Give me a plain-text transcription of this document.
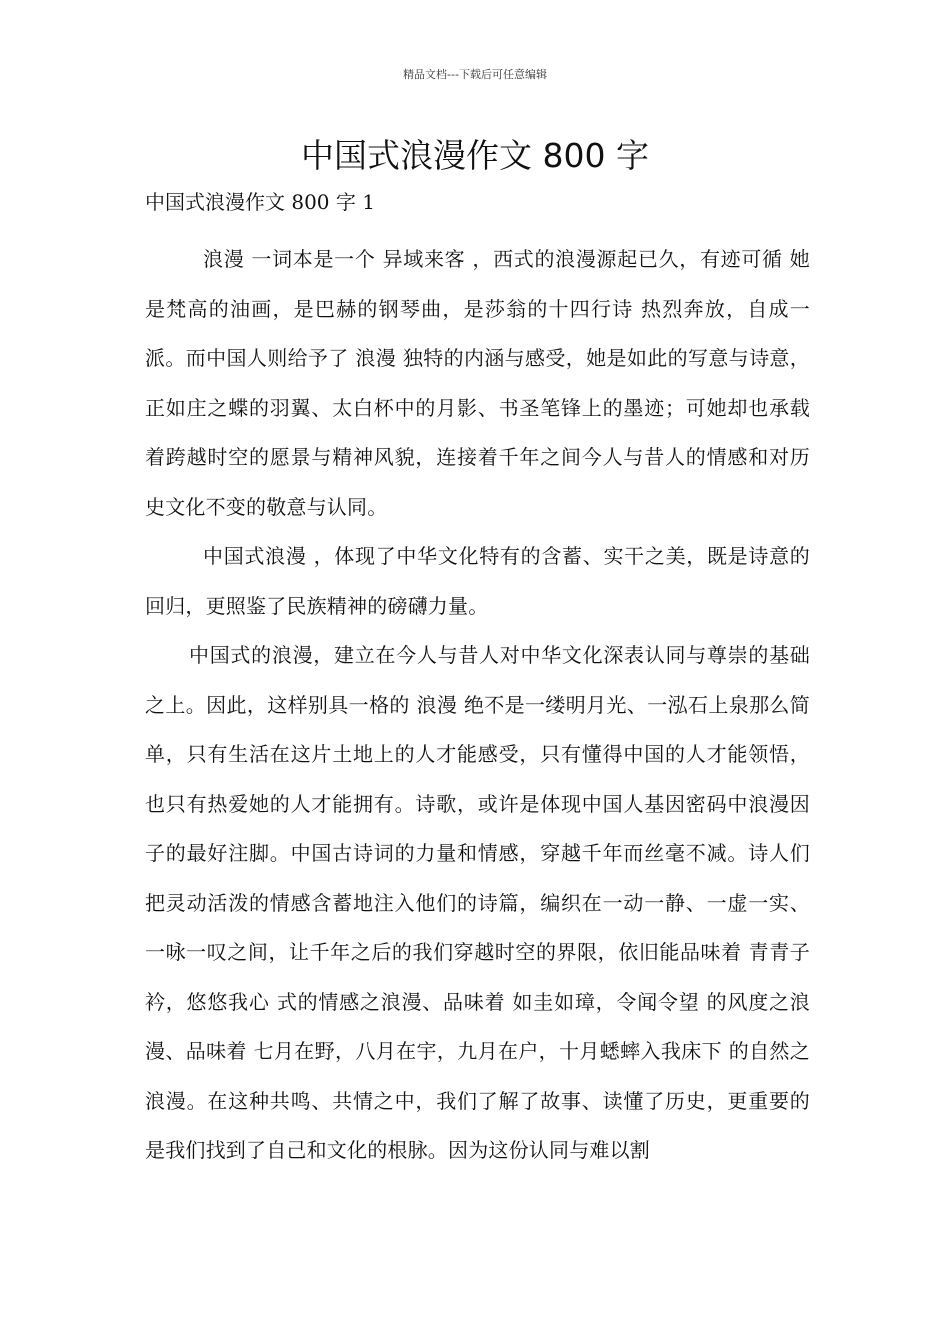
精品文档---下载后可任意编辑
中国式浪漫作文 800 字
中国式浪漫作文 800 字 1

浪漫 一词本是一个 异域来客 ，西式的浪漫源起已久，有迹可循 她是梵高的油画，是巴赫的钢琴曲，是莎翁的十四行诗 热烈奔放，自成一派。而中国人则给予了 浪漫 独特的内涵与感受，她是如此的写意与诗意，正如庄之蝶的羽翼、太白杯中的月影、书圣笔锋上的墨迹；可她却也承载着跨越时空的愿景与精神风貌，连接着千年之间今人与昔人的情感和对历史文化不变的敬意与认同。

中国式浪漫 ，体现了中华文化特有的含蓄、实干之美，既是诗意的回归，更照鉴了民族精神的磅礴力量。

中国式的浪漫，建立在今人与昔人对中华文化深表认同与尊崇的基础之上。因此，这样别具一格的 浪漫 绝不是一缕明月光、一泓石上泉那么简单，只有生活在这片土地上的人才能感受，只有懂得中国的人才能领悟，也只有热爱她的人才能拥有。诗歌，或许是体现中国人基因密码中浪漫因子的最好注脚。中国古诗词的力量和情感，穿越千年而丝毫不减。诗人们把灵动活泼的情感含蓄地注入他们的诗篇，编织在一动一静、一虚一实、一咏一叹之间，让千年之后的我们穿越时空的界限，依旧能品味着 青青子衿，悠悠我心 式的情感之浪漫、品味着 如圭如璋，令闻令望 的风度之浪漫、品味着 七月在野，八月在宇，九月在户，十月蟋蟀入我床下 的自然之浪漫。在这种共鸣、共情之中，我们了解了故事、读懂了历史，更重要的是我们找到了自己和文化的根脉。因为这份认同与难以割
